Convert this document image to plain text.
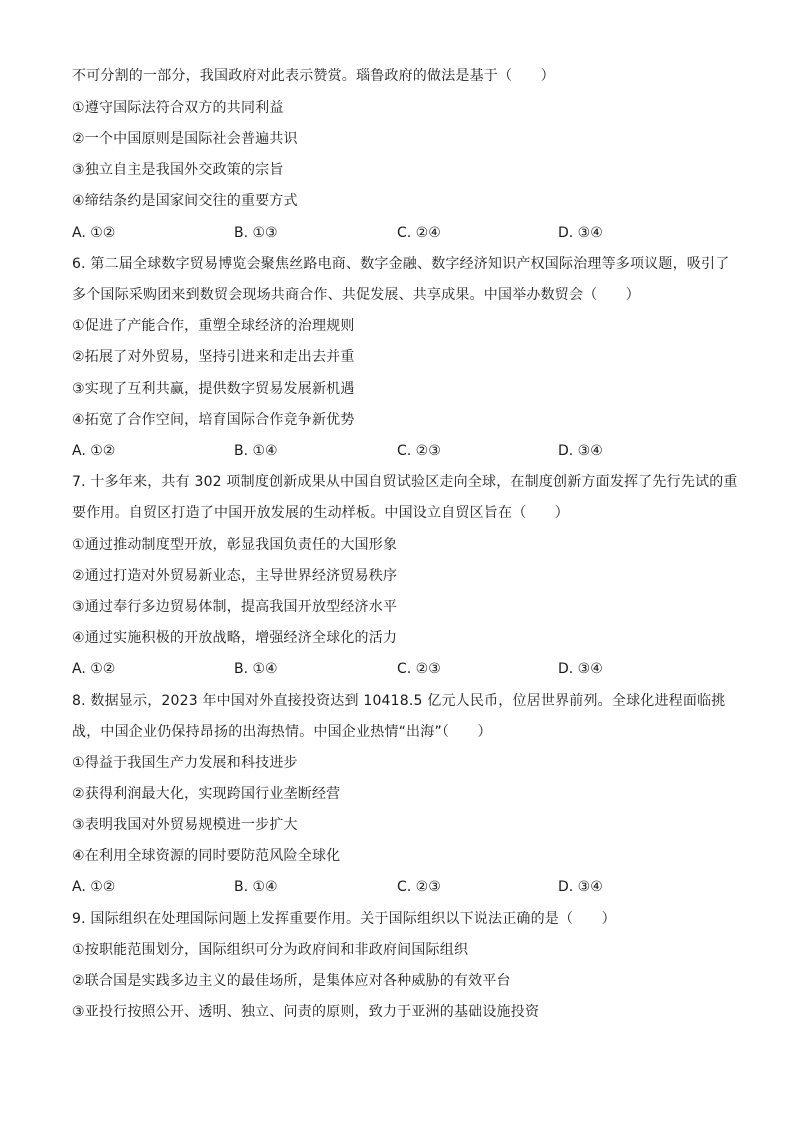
不可分割的一部分，我国政府对此表示赞赏。瑙鲁政府的做法是基于（　　）
①遵守国际法符合双方的共同利益
②一个中国原则是国际社会普遍共识
③独立自主是我国外交政策的宗旨
④缔结条约是国家间交往的重要方式
A. ①②	B. ①③	C. ②④	D. ③④
6. 第二届全球数字贸易博览会聚焦丝路电商、数字金融、数字经济知识产权国际治理等多项议题，吸引了
多个国际采购团来到数贸会现场共商合作、共促发展、共享成果。中国举办数贸会（　　）
①促进了产能合作，重塑全球经济的治理规则
②拓展了对外贸易，坚持引进来和走出去并重
③实现了互利共赢，提供数字贸易发展新机遇
④拓宽了合作空间，培育国际合作竞争新优势
A. ①②	B. ①④	C. ②③	D. ③④
7. 十多年来，共有 302 项制度创新成果从中国自贸试验区走向全球，在制度创新方面发挥了先行先试的重
要作用。自贸区打造了中国开放发展的生动样板。中国设立自贸区旨在（　　）
①通过推动制度型开放，彰显我国负责任的大国形象
②通过打造对外贸易新业态，主导世界经济贸易秩序
③通过奉行多边贸易体制，提高我国开放型经济水平
④通过实施积极的开放战略，增强经济全球化的活力
A. ①②	B. ①④	C. ②③	D. ③④
8. 数据显示，2023 年中国对外直接投资达到 10418.5 亿元人民币，位居世界前列。全球化进程面临挑
战，中国企业仍保持昂扬的出海热情。中国企业热情“出海”（　　）
①得益于我国生产力发展和科技进步
②获得利润最大化，实现跨国行业垄断经营
③表明我国对外贸易规模进一步扩大
④在利用全球资源的同时要防范风险全球化
A. ①②	B. ①④	C. ②③	D. ③④
9. 国际组织在处理国际问题上发挥重要作用。关于国际组织以下说法正确的是（　　）
①按职能范围划分，国际组织可分为政府间和非政府间国际组织
②联合国是实践多边主义的最佳场所，是集体应对各种威胁的有效平台
③亚投行按照公开、透明、独立、问责的原则，致力于亚洲的基础设施投资
